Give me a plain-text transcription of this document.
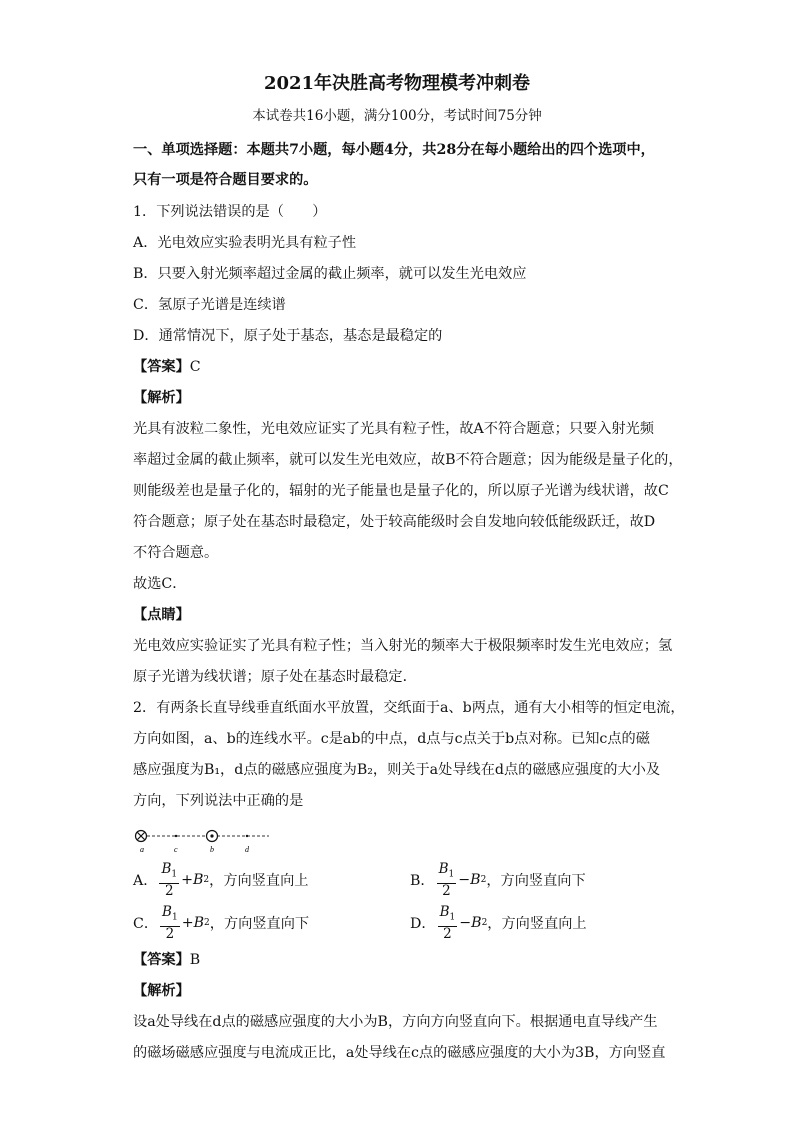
2021年决胜高考物理模考冲刺卷
本试卷共16小题，满分100分，考试时间75分钟
一、单项选择题：本题共7小题，每小题4分，共28分在每小题给出的四个选项中，
只有一项是符合题目要求的。
1．下列说法错误的是（　　）
A．光电效应实验表明光具有粒子性
B．只要入射光频率超过金属的截止频率，就可以发生光电效应
C．氢原子光谱是连续谱
D．通常情况下，原子处于基态，基态是最稳定的
【答案】C
【解析】
光具有波粒二象性，光电效应证实了光具有粒子性，故A不符合题意；只要入射光频
率超过金属的截止频率，就可以发生光电效应，故B不符合题意；因为能级是量子化的，
则能级差也是量子化的，辐射的光子能量也是量子化的，所以原子光谱为线状谱，故C
符合题意；原子处在基态时最稳定，处于较高能级时会自发地向较低能级跃迁，故D
不符合题意。
故选C．
【点睛】
光电效应实验证实了光具有粒子性；当入射光的频率大于极限频率时发生光电效应；氢
原子光谱为线状谱；原子处在基态时最稳定．
2．有两条长直导线垂直纸面水平放置，交纸面于a、b两点，通有大小相等的恒定电流，
方向如图，a、b的连线水平。c是ab的中点，d点与c点关于b点对称。已知c点的磁
感应强度为B₁，d点的磁感应强度为B₂，则关于a处导线在d点的磁感应强度的大小及
方向，下列说法中正确的是
a	c	b	d
A． $\frac{B_1}{2} + B$ 2 ，方向竖直向上	B． $\frac{B_1}{2} - B$ 2 ，方向竖直向下
C． $\frac{B_1}{2} + B$ 2 ，方向竖直向下	D． $\frac{B_1}{2} - B$ 2 ，方向竖直向上
【答案】B
【解析】
设a处导线在d点的磁感应强度的大小为B，方向方向竖直向下。根据通电直导线产生
的磁场磁感应强度与电流成正比，a处导线在c点的磁感应强度的大小为3B，方向竖直
